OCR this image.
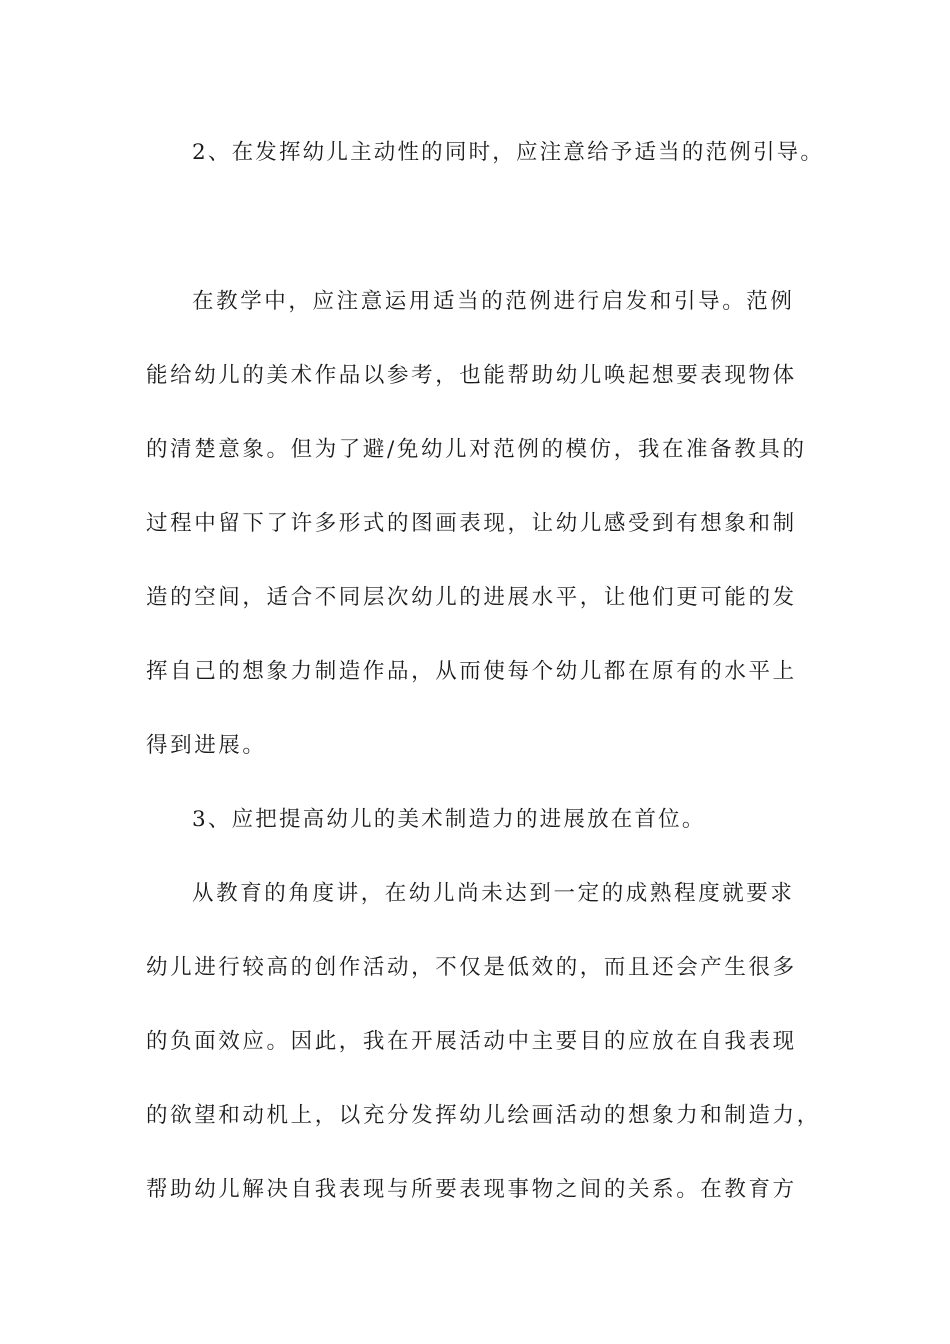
2、在发挥幼儿主动性的同时，应注意给予适当的范例引导。
在教学中，应注意运用适当的范例进行启发和引导。范例
能给幼儿的美术作品以参考，也能帮助幼儿唤起想要表现物体
的清楚意象。但为了避/免幼儿对范例的模仿，我在准备教具的
过程中留下了许多形式的图画表现，让幼儿感受到有想象和制
造的空间，适合不同层次幼儿的进展水平，让他们更可能的发
挥自己的想象力制造作品，从而使每个幼儿都在原有的水平上
得到进展。
3、应把提高幼儿的美术制造力的进展放在首位。
从教育的角度讲，在幼儿尚未达到一定的成熟程度就要求
幼儿进行较高的创作活动，不仅是低效的，而且还会产生很多
的负面效应。因此，我在开展活动中主要目的应放在自我表现
的欲望和动机上，以充分发挥幼儿绘画活动的想象力和制造力，
帮助幼儿解决自我表现与所要表现事物之间的关系。在教育方
